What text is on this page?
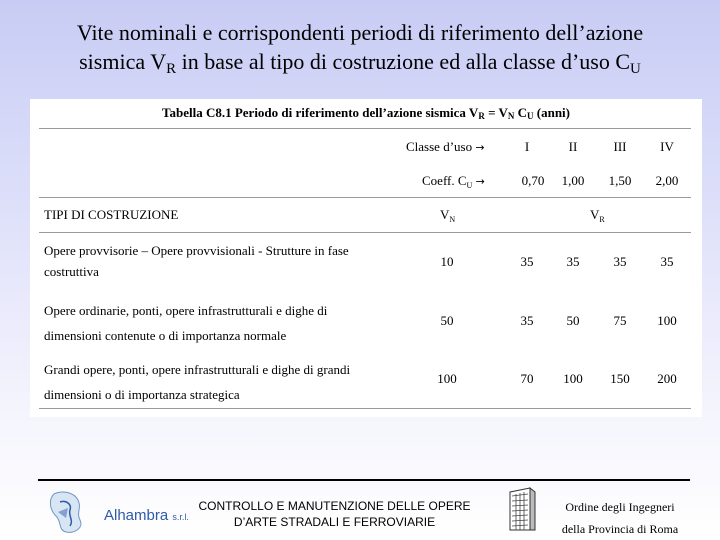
Vite nominali e corrispondenti periodi di riferimento dell’azione
sismica VR in base al tipo di costruzione ed alla classe d’uso CU
Tabella C8.1 Periodo di riferimento dell’azione sismica VR = VN CU (anni)
Classe d’uso →	I	II	III	IV
Coeff. $C_U$ →	0,70	1,00	1,50	2,00
TIPI DI COSTRUZIONE	$V_N$	$V_R$
Opere provvisorie – Opere provvisionali - Strutture in fase
costruttiva
10	35	35	35	35
Opere ordinarie, ponti, opere infrastrutturali e dighe di
dimensioni contenute o di importanza normale
50	35	50	75	100
Grandi opere, ponti, opere infrastrutturali e dighe di grandi
dimensioni o di importanza strategica
100	70	100	150	200
Alhambra s.r.l.
CONTROLLO E MANUTENZIONE DELLE OPERE
D’ARTE STRADALI E FERROVIARIE
Ordine degli Ingegneri
della Provincia di Roma
